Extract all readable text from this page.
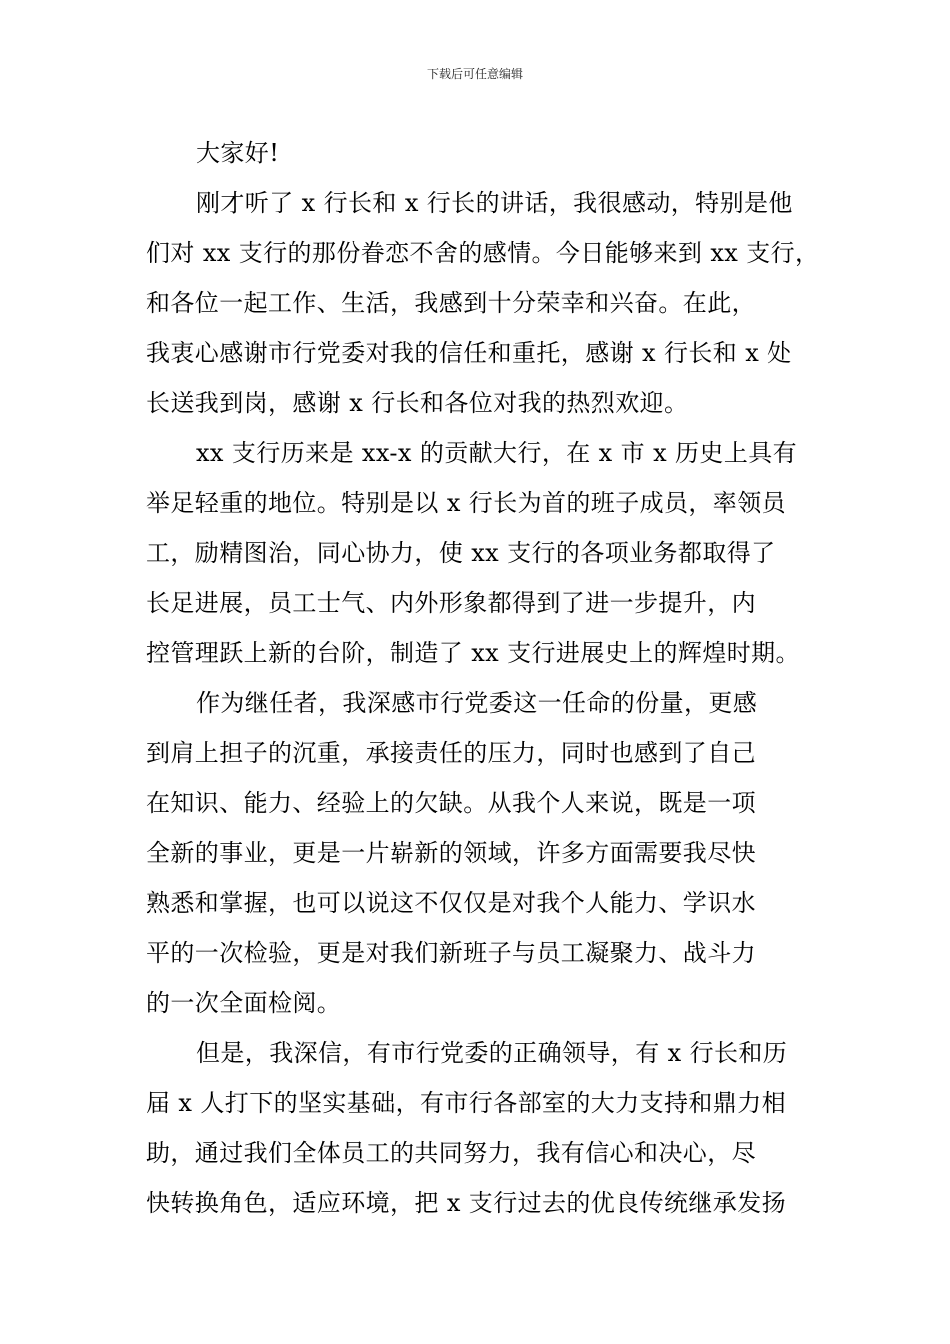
下载后可任意编辑
大家好!
刚才听了 x 行长和 x 行长的讲话，我很感动，特别是他
们对 xx 支行的那份眷恋不舍的感情。今日能够来到 xx 支行，
和各位一起工作、生活，我感到十分荣幸和兴奋。在此，
我衷心感谢市行党委对我的信任和重托，感谢 x 行长和 x 处
长送我到岗，感谢 x 行长和各位对我的热烈欢迎。
xx 支行历来是 xx-x 的贡献大行，在 x 市 x 历史上具有
举足轻重的地位。特别是以 x 行长为首的班子成员，率领员
工，励精图治，同心协力，使 xx 支行的各项业务都取得了
长足进展，员工士气、内外形象都得到了进一步提升，内
控管理跃上新的台阶，制造了 xx 支行进展史上的辉煌时期。
作为继任者，我深感市行党委这一任命的份量，更感
到肩上担子的沉重，承接责任的压力，同时也感到了自己
在知识、能力、经验上的欠缺。从我个人来说，既是一项
全新的事业，更是一片崭新的领域，许多方面需要我尽快
熟悉和掌握，也可以说这不仅仅是对我个人能力、学识水
平的一次检验，更是对我们新班子与员工凝聚力、战斗力
的一次全面检阅。
但是，我深信，有市行党委的正确领导，有 x 行长和历
届 x 人打下的坚实基础，有市行各部室的大力支持和鼎力相
助，通过我们全体员工的共同努力，我有信心和决心，尽
快转换角色，适应环境，把 x 支行过去的优良传统继承发扬
